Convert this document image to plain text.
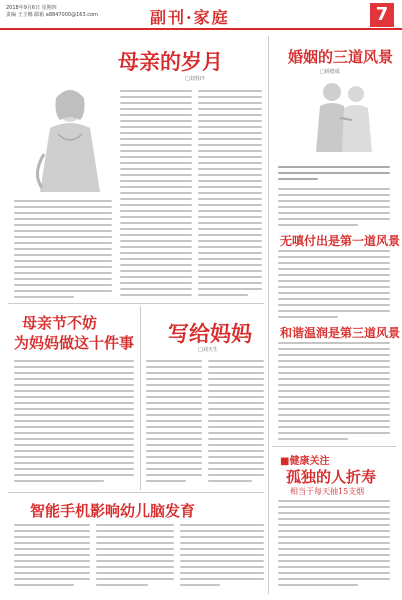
2018年9月6日 星期四
责编 王玉娜 邮箱 a8847000@163.com	副刊·家庭	7
母亲的岁月
□刘春玲
婚姻的三道风景
□杨德成
无嗔付出是第一道风景
和谐温润是第三道风景
母亲节不妨
为妈妈做这十件事 写给妈妈
□刘天生
智能手机影响幼儿脑发育
■健康关注
孤独的人折寿
相当于每天抽15支烟
